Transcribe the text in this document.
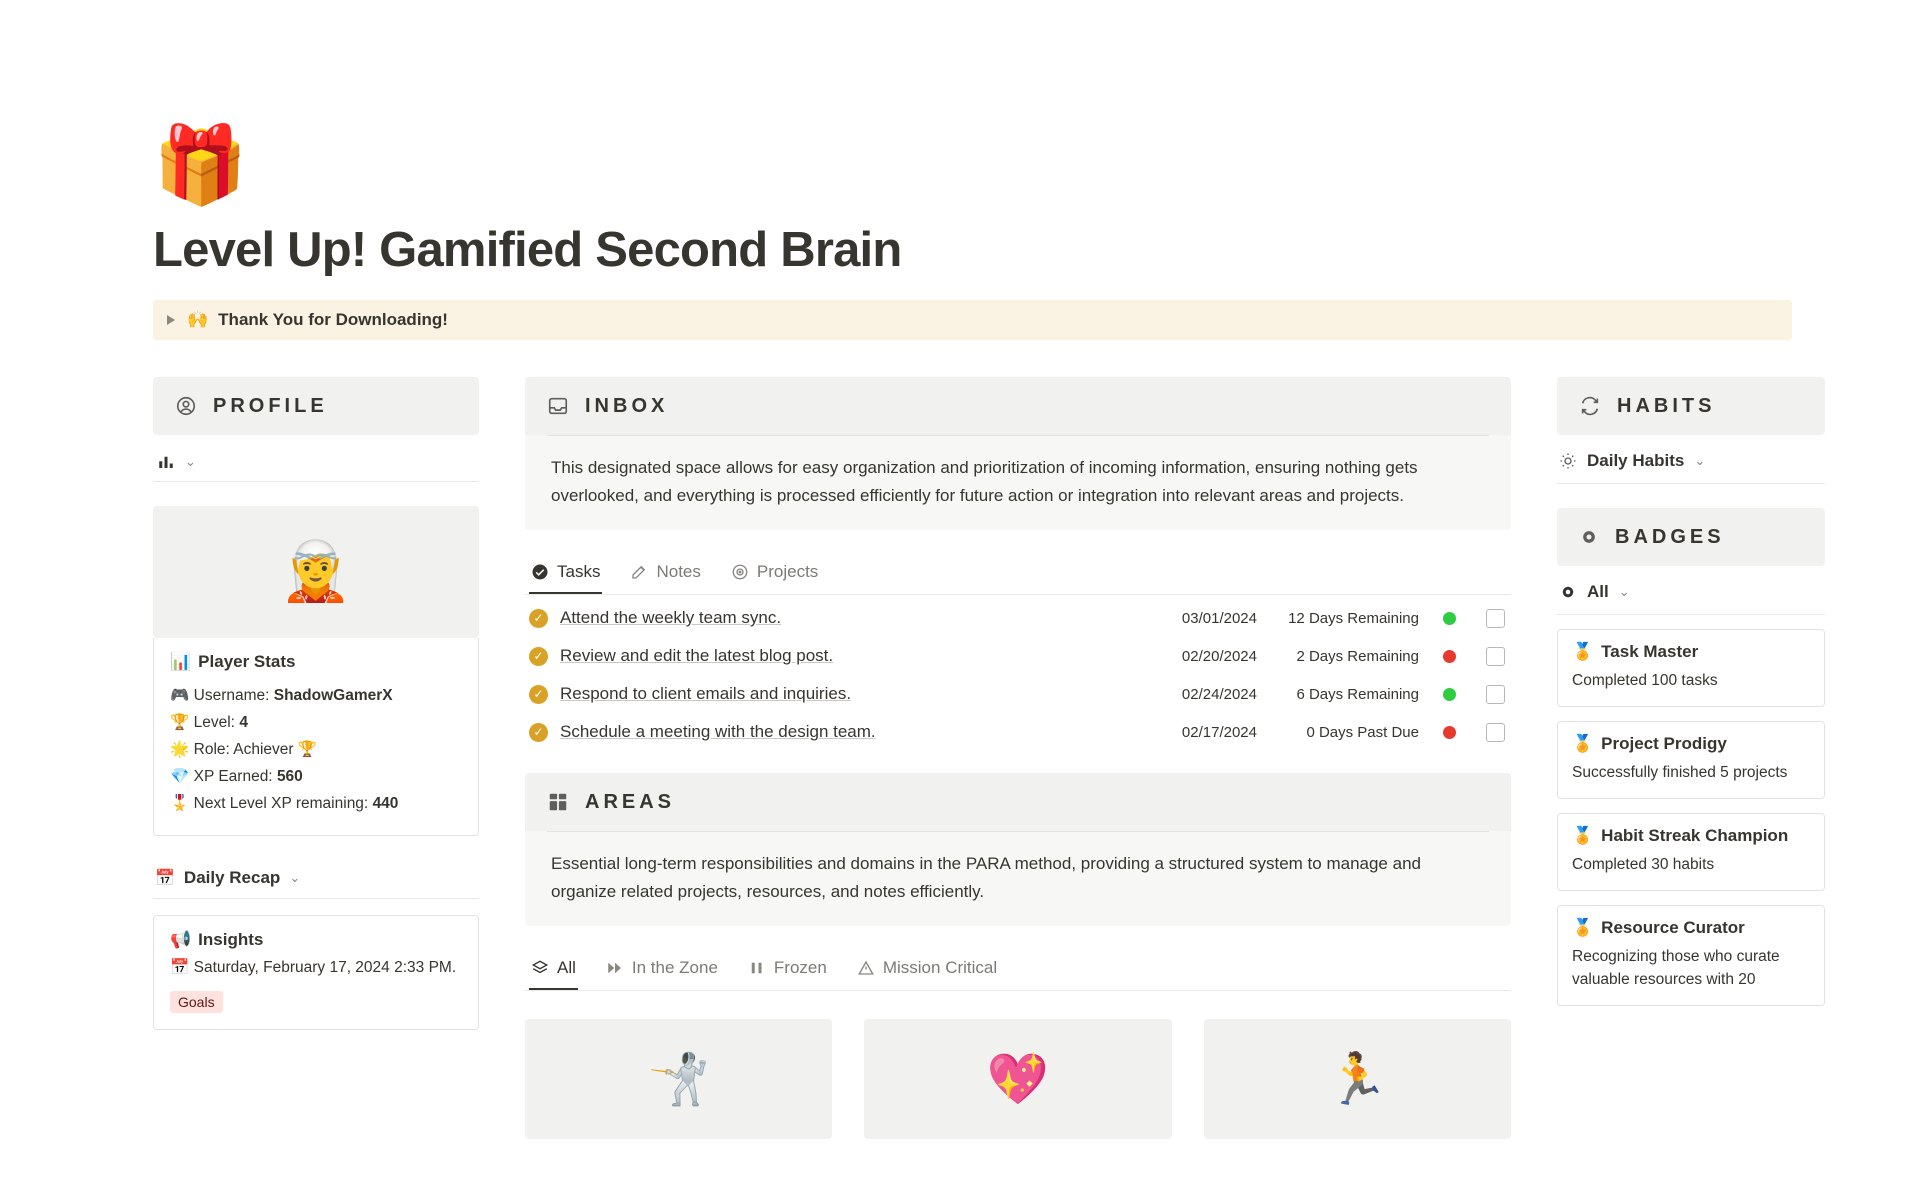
🎁
Level Up! Gamified Second Brain
🙌 Thank You for Downloading!
PROFILE
⌄
🧝
📊 Player Stats
🎮 Username: ShadowGamerX
🏆 Level: 4
🌟 Role: Achiever 🏆
💎 XP Earned: 560
🎖️ Next Level XP remaining: 440
📅 Daily Recap ⌄
📢 Insights
📅 Saturday, February 17, 2024 2:33 PM.
Goals
INBOX
This designated space allows for easy organization and prioritization of incoming information, ensuring nothing gets overlooked, and everything is processed efficiently for future action or integration into relevant areas and projects.
Tasks	Notes	Projects
✓ Attend the weekly team sync.	03/01/2024	12 Days Remaining
✓ Review and edit the latest blog post.	02/20/2024	2 Days Remaining
✓ Respond to client emails and inquiries.	02/24/2024	6 Days Remaining
✓ Schedule a meeting with the design team.	02/17/2024	0 Days Past Due
AREAS
Essential long-term responsibilities and domains in the PARA method, providing a structured system to manage and organize related projects, resources, and notes efficiently.
All	In the Zone	Frozen	Mission Critical
🤺	💖	🏃
HABITS
Daily Habits ⌄
BADGES
All ⌄
🏅 Task Master
Completed 100 tasks
🏅 Project Prodigy
Successfully finished 5 projects
🏅 Habit Streak Champion
Completed 30 habits
🏅 Resource Curator
Recognizing those who curate valuable resources with 20
